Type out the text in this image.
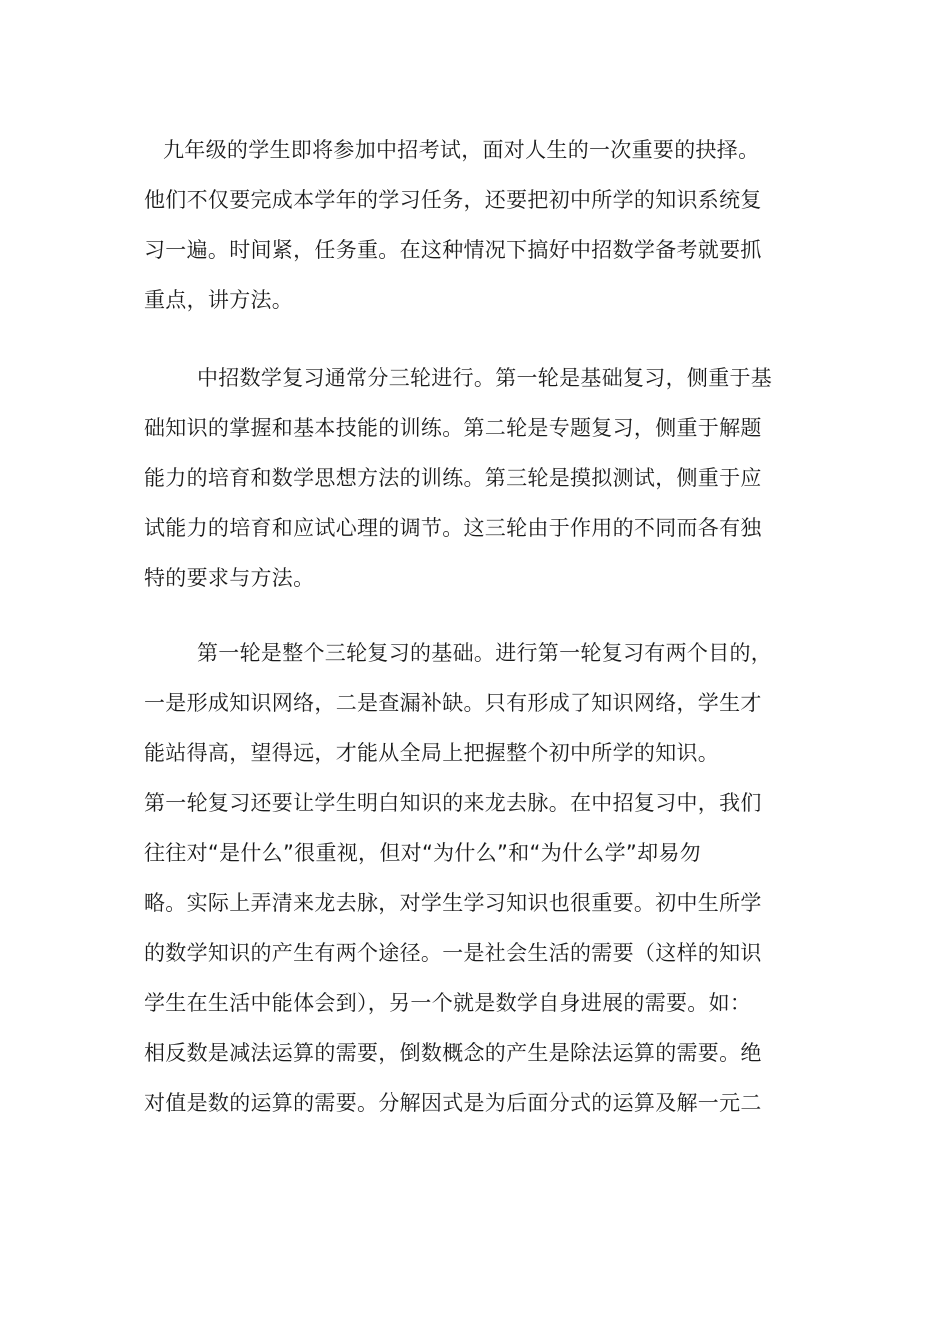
九年级的学生即将参加中招考试，面对人生的一次重要的抉择。
他们不仅要完成本学年的学习任务，还要把初中所学的知识系统复
习一遍。时间紧，任务重。在这种情况下搞好中招数学备考就要抓
重点，讲方法。
中招数学复习通常分三轮进行。第一轮是基础复习，侧重于基
础知识的掌握和基本技能的训练。第二轮是专题复习，侧重于解题
能力的培育和数学思想方法的训练。第三轮是摸拟测试，侧重于应
试能力的培育和应试心理的调节。这三轮由于作用的不同而各有独
特的要求与方法。
第一轮是整个三轮复习的基础。进行第一轮复习有两个目的，
一是形成知识网络，二是查漏补缺。只有形成了知识网络，学生才
能站得高，望得远，才能从全局上把握整个初中所学的知识。
第一轮复习还要让学生明白知识的来龙去脉。在中招复习中，我们
往往对“是什么”很重视，但对“为什么”和“为什么学”却易勿
略。实际上弄清来龙去脉，对学生学习知识也很重要。初中生所学
的数学知识的产生有两个途径。一是社会生活的需要（这样的知识
学生在生活中能体会到），另一个就是数学自身进展的需要。如：
相反数是减法运算的需要，倒数概念的产生是除法运算的需要。绝
对值是数的运算的需要。分解因式是为后面分式的运算及解一元二
